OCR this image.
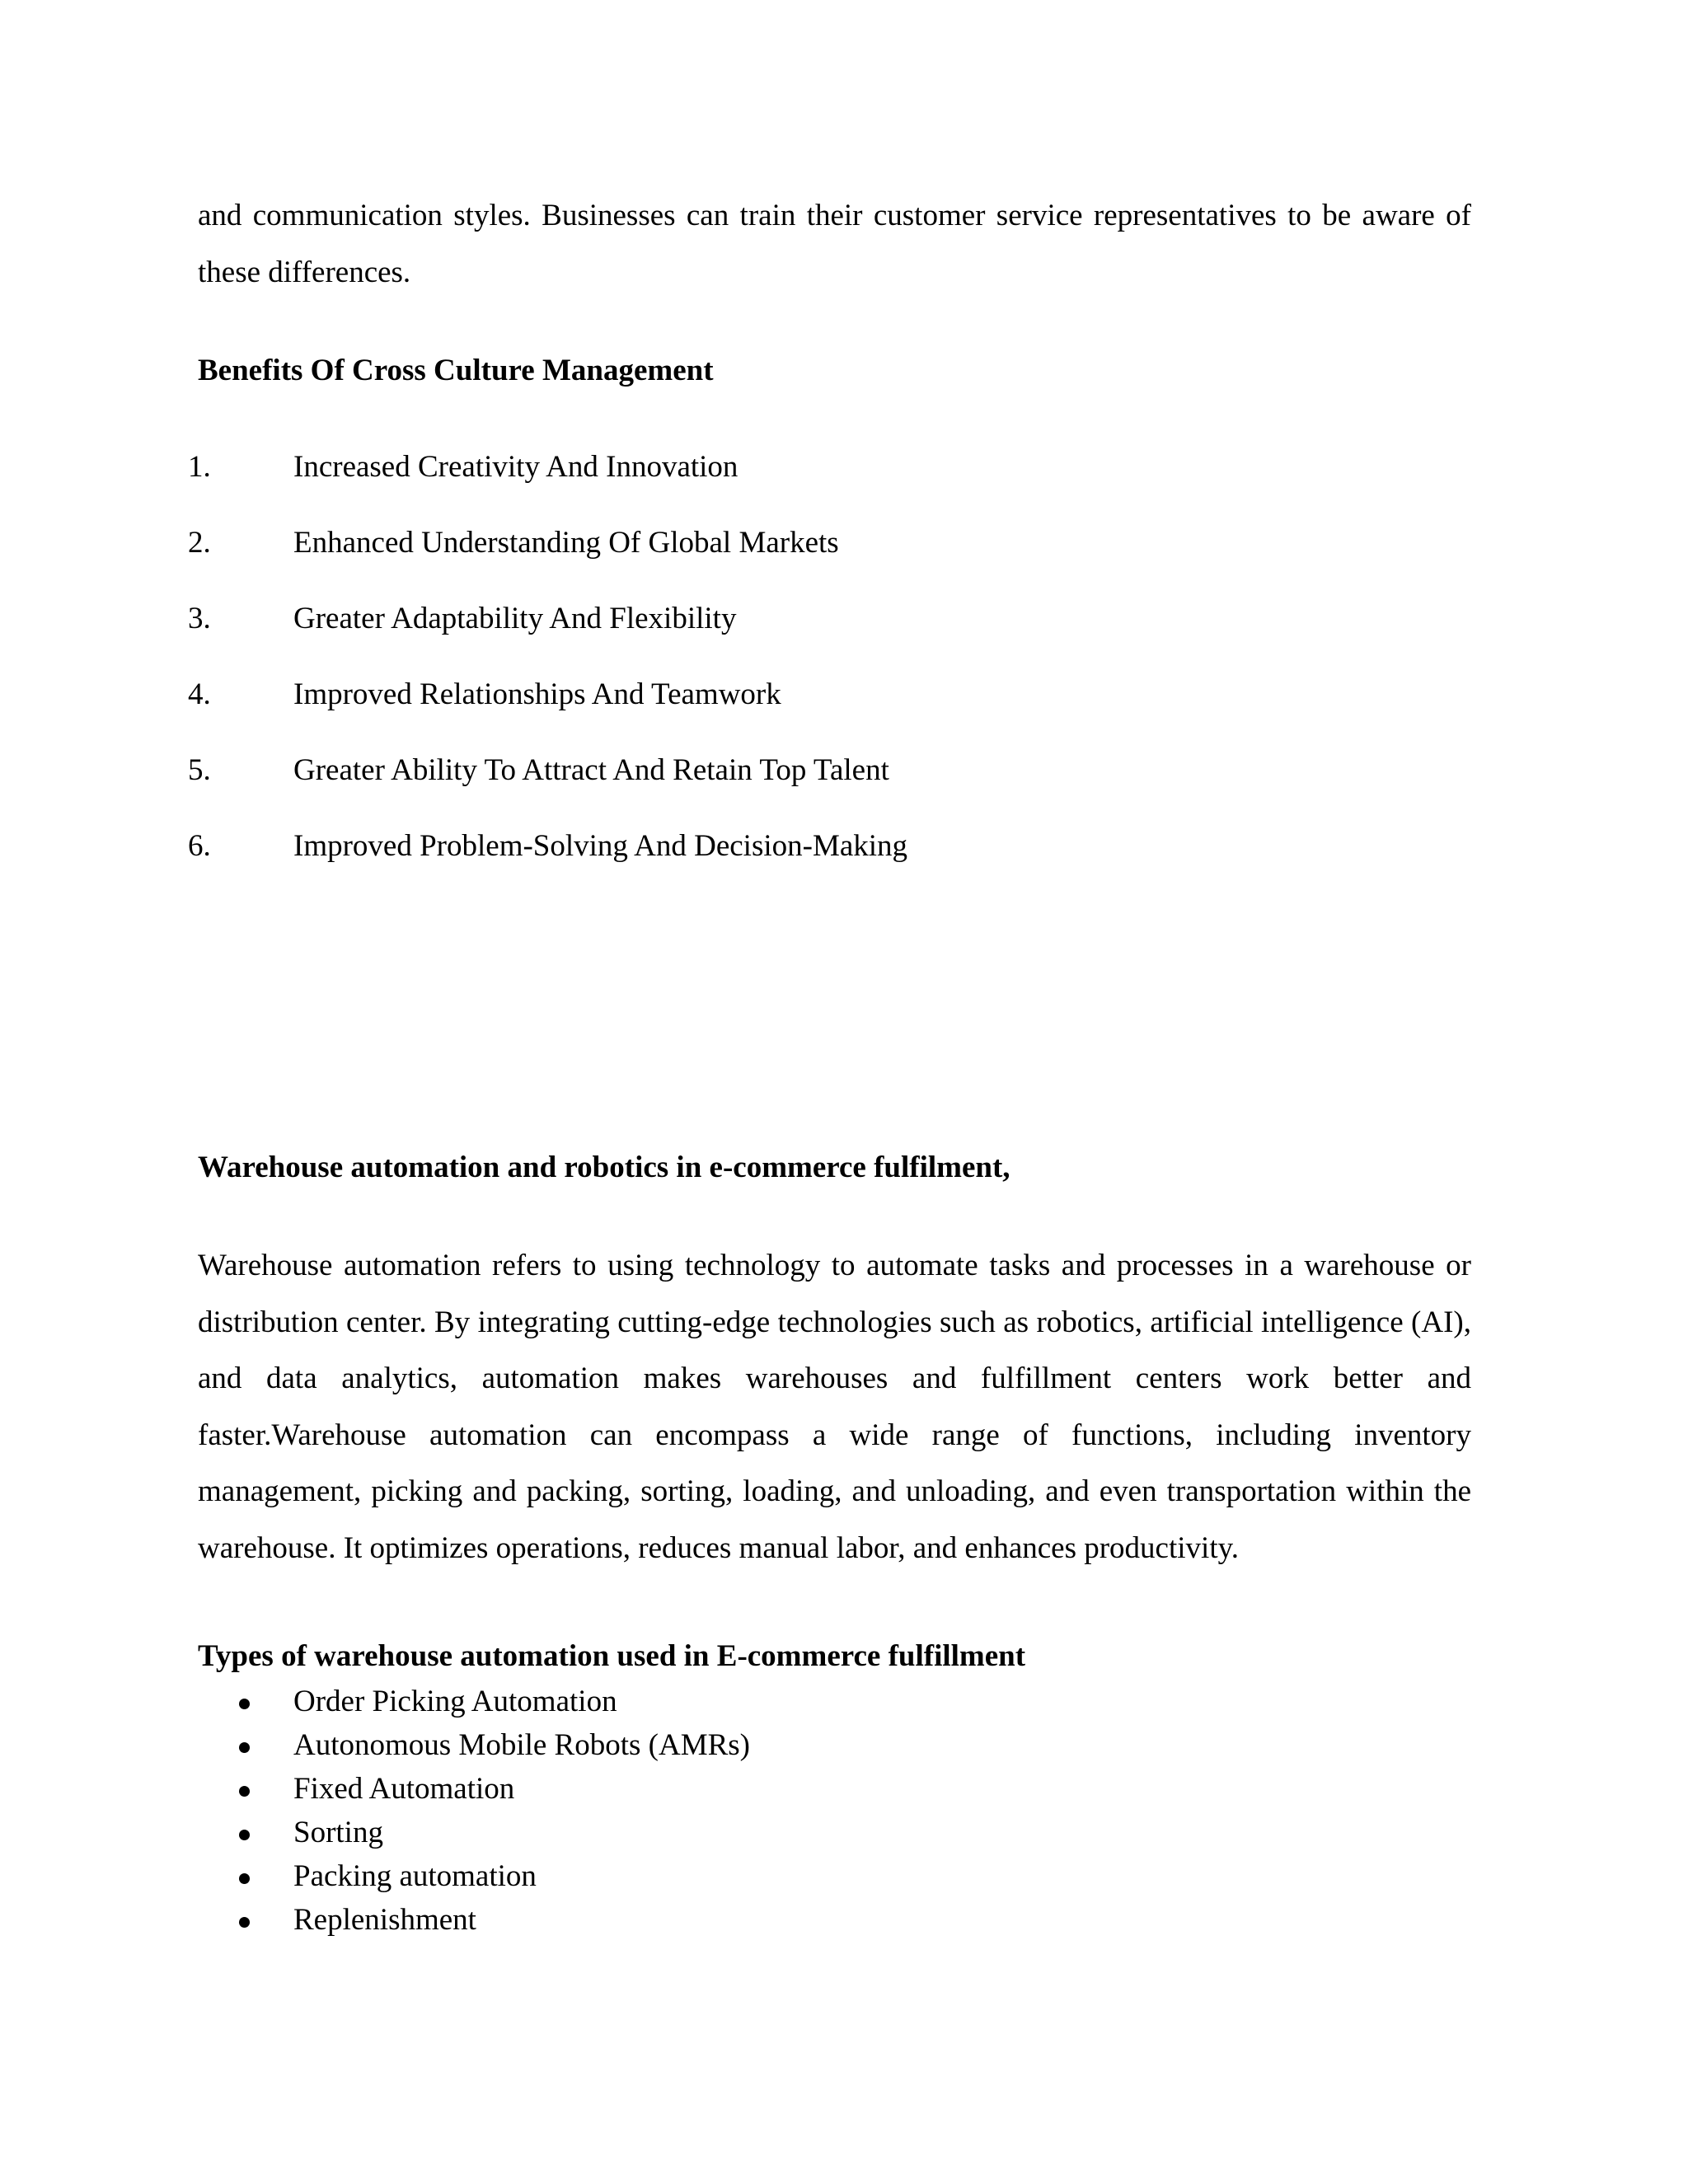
and communication styles. Businesses can train their customer service representatives to be aware of these differences.

Benefits Of Cross Culture Management
1.	Increased Creativity And Innovation
2.	Enhanced Understanding Of Global Markets
3.	Greater Adaptability And Flexibility
4.	Improved Relationships And Teamwork
5.	Greater Ability To Attract And Retain Top Talent
6.	Improved Problem-Solving And Decision-Making
Warehouse automation and robotics in e-commerce fulfilment,

Warehouse automation refers to using technology to automate tasks and processes in a warehouse or distribution center. By integrating cutting-edge technologies such as robotics, artificial intelligence (AI), and data analytics, automation makes warehouses and fulfillment centers work better and faster.Warehouse automation can encompass a wide range of functions, including inventory management, picking and packing, sorting, loading, and unloading, and even transportation within the warehouse. It optimizes operations, reduces manual labor, and enhances productivity.

Types of warehouse automation used in E-commerce fulfillment
Order Picking Automation
Autonomous Mobile Robots (AMRs)
Fixed Automation
Sorting
Packing automation
Replenishment
